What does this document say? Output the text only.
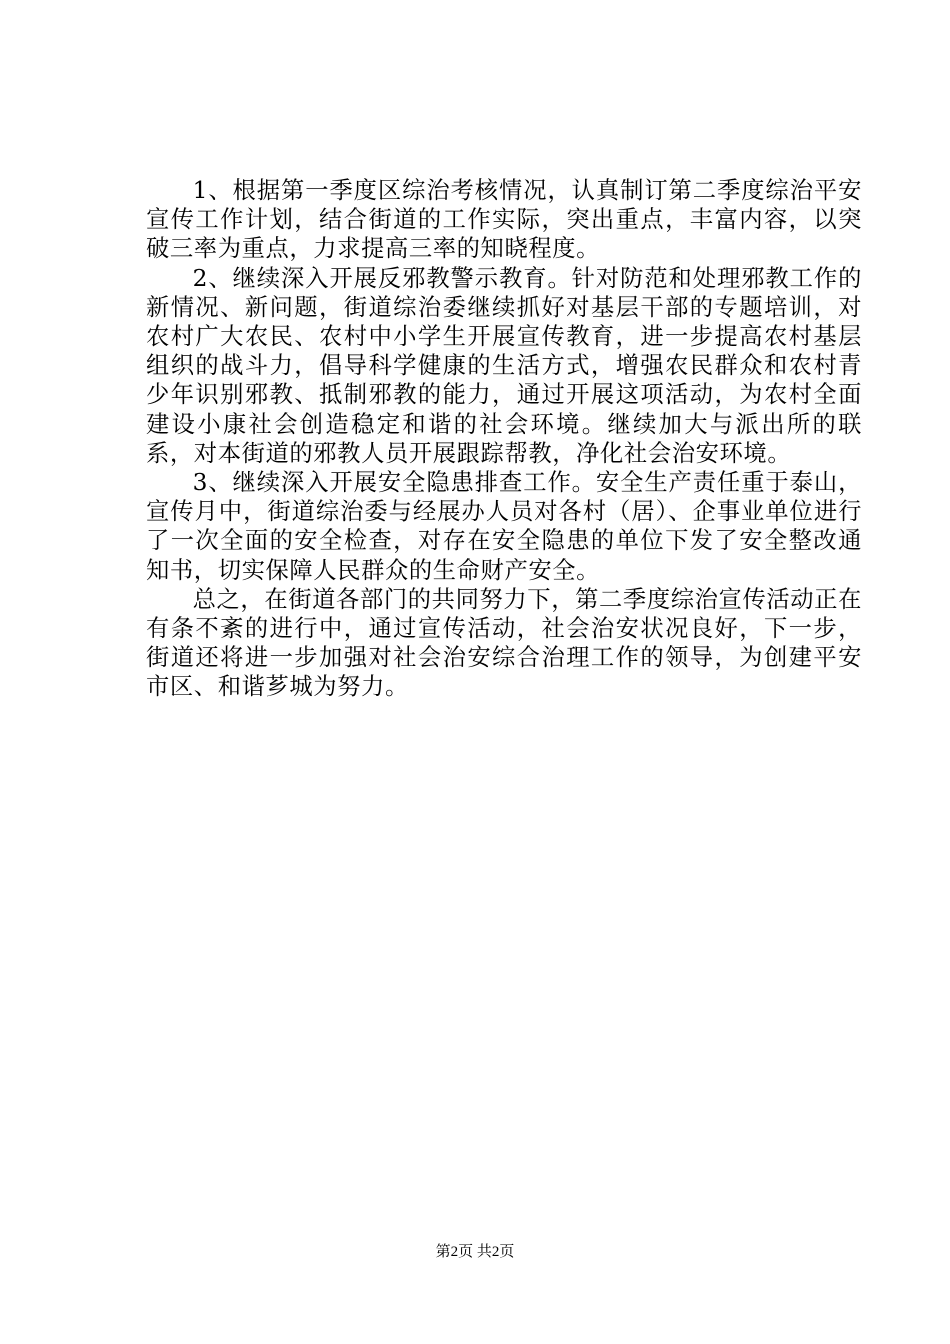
1、根据第一季度区综治考核情况，认真制订第二季度综治平安宣传工作计划，结合街道的工作实际，突出重点，丰富内容，以突破三率为重点，力求提高三率的知晓程度。

2、继续深入开展反邪教警示教育。针对防范和处理邪教工作的新情况、新问题，街道综治委继续抓好对基层干部的专题培训，对农村广大农民、农村中小学生开展宣传教育，进一步提高农村基层组织的战斗力，倡导科学健康的生活方式，增强农民群众和农村青少年识别邪教、抵制邪教的能力，通过开展这项活动，为农村全面建设小康社会创造稳定和谐的社会环境。继续加大与派出所的联系，对本街道的邪教人员开展跟踪帮教，净化社会治安环境。

3、继续深入开展安全隐患排查工作。安全生产责任重于泰山，宣传月中，街道综治委与经展办人员对各村（居）、企事业单位进行了一次全面的安全检查，对存在安全隐患的单位下发了安全整改通知书，切实保障人民群众的生命财产安全。

总之，在街道各部门的共同努力下，第二季度综治宣传活动正在有条不紊的进行中，通过宣传活动，社会治安状况良好，下一步，街道还将进一步加强对社会治安综合治理工作的领导，为创建平安市区、和谐芗城为努力。

第2页 共2页
